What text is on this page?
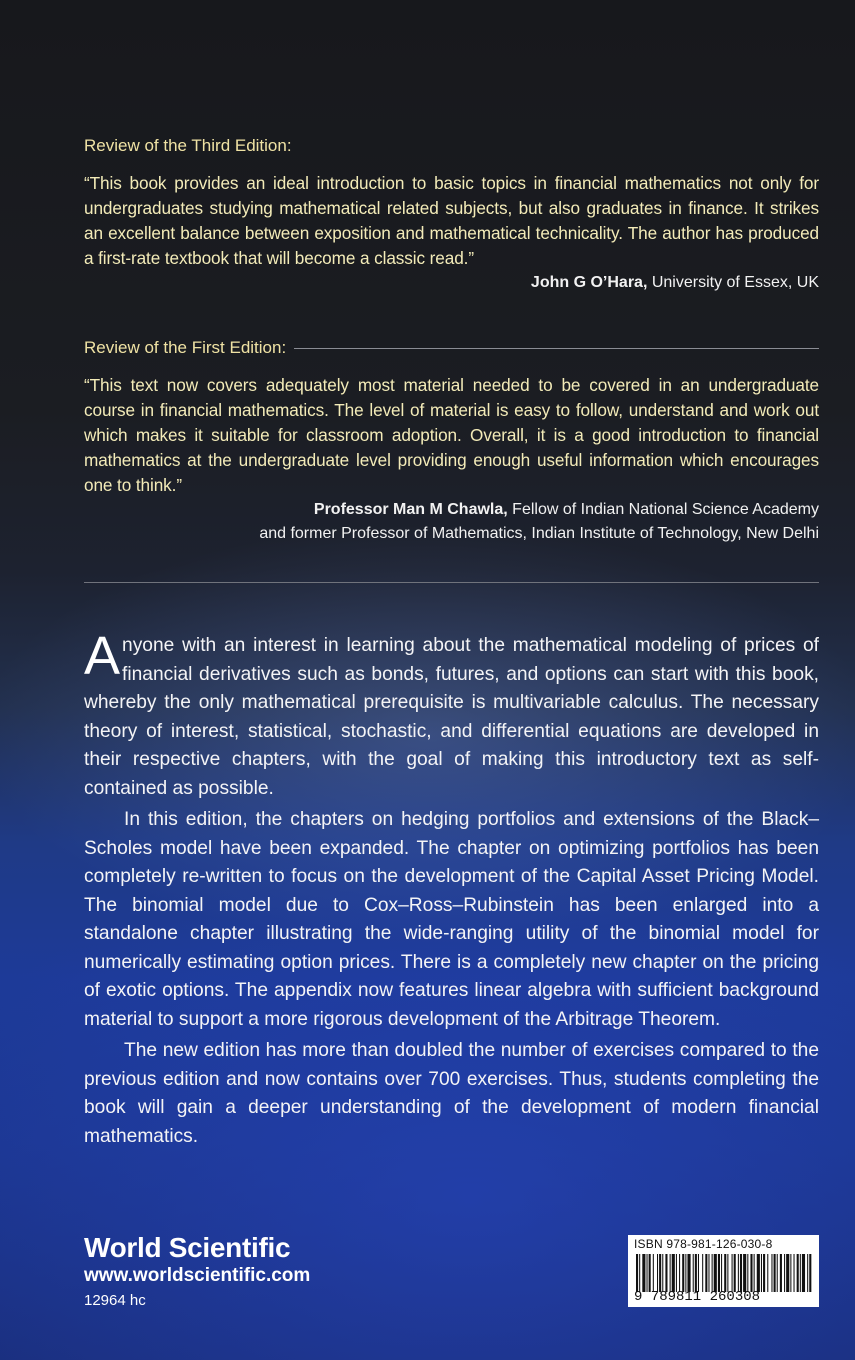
Review of the Third Edition:
“This book provides an ideal introduction to basic topics in financial mathematics not only for undergraduates studying mathematical related subjects, but also graduates in finance. It strikes an excellent balance between exposition and mathematical technicality. The author has produced a first-rate textbook that will become a classic read.”
John G O’Hara, University of Essex, UK
Review of the First Edition:
“This text now covers adequately most material needed to be covered in an undergraduate course in financial mathematics. The level of material is easy to follow, understand and work out which makes it suitable for classroom adoption. Overall, it is a good introduction to financial mathematics at the undergraduate level providing enough useful information which encourages one to think.”
Professor Man M Chawla, Fellow of Indian National Science Academy
and former Professor of Mathematics, Indian Institute of Technology, New Delhi

Anyone with an interest in learning about the mathematical modeling of prices of financial derivatives such as bonds, futures, and options can start with this book, whereby the only mathematical prerequisite is multivariable calculus. The necessary theory of interest, statistical, stochastic, and differential equations are developed in their respective chapters, with the goal of making this introductory text as self-contained as possible.

In this edition, the chapters on hedging portfolios and extensions of the Black–Scholes model have been expanded. The chapter on optimizing portfolios has been completely re-written to focus on the development of the Capital Asset Pricing Model. The binomial model due to Cox–Ross–Rubinstein has been enlarged into a standalone chapter illustrating the wide-ranging utility of the binomial model for numerically estimating option prices. There is a completely new chapter on the pricing of exotic options. The appendix now features linear algebra with sufficient background material to support a more rigorous development of the Arbitrage Theorem.

The new edition has more than doubled the number of exercises compared to the previous edition and now contains over 700 exercises. Thus, students completing the book will gain a deeper understanding of the development of modern financial mathematics.

World Scientific
www.worldscientific.com
12964 hc
ISBN 978-981-126-030-8
9 789811 260308
